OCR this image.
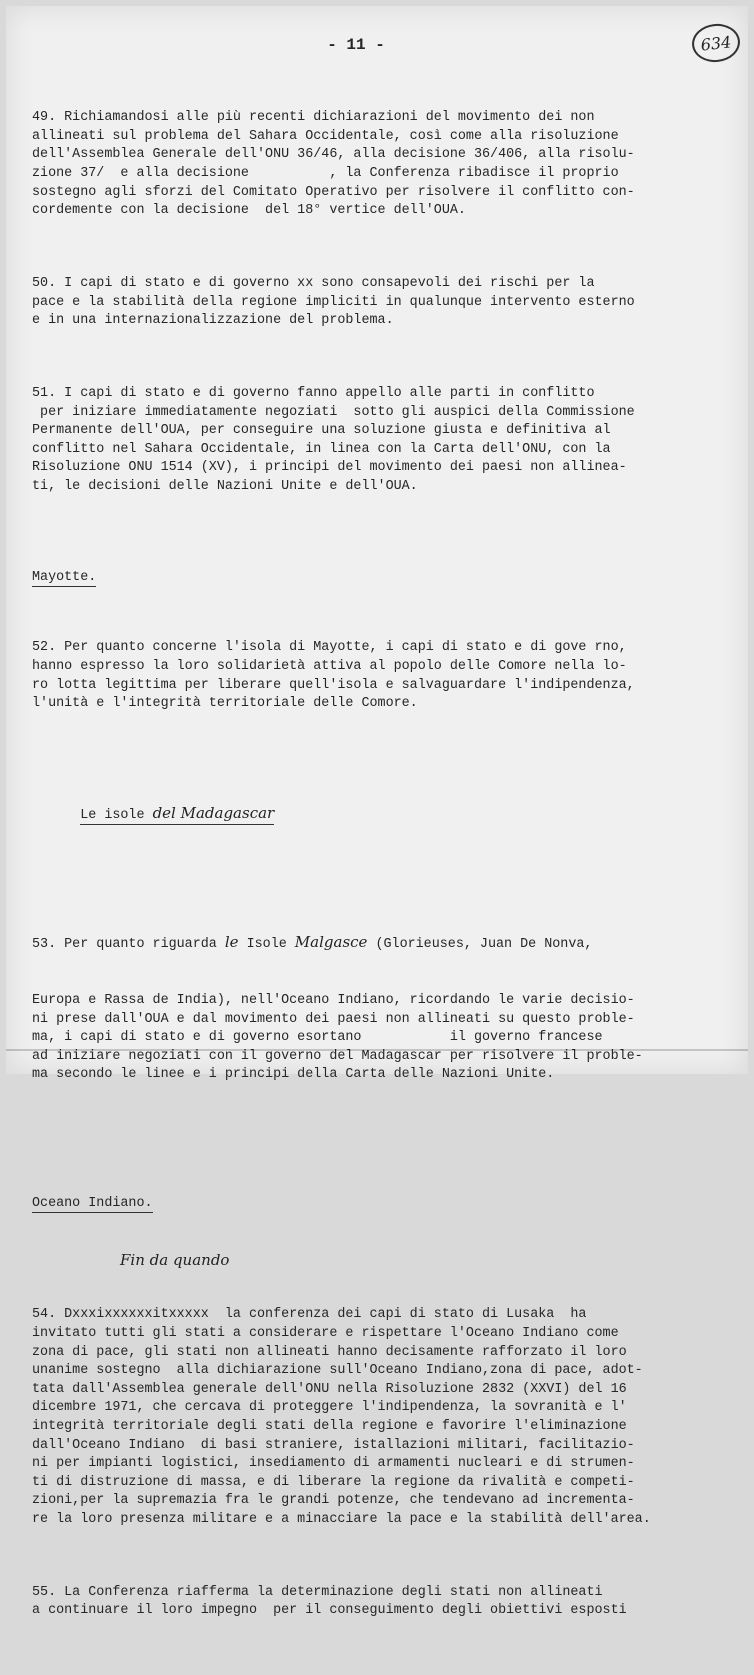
- 11 -	634

49. Richiamandosi alle più recenti dichiarazioni del movimento dei non
allineati sul problema del Sahara Occidentale, così come alla risoluzione
dell'Assemblea Generale dell'ONU 36/46, alla decisione 36/406, alla risolu-
zione 37/  e alla decisione          , la Conferenza ribadisce il proprio
sostegno agli sforzi del Comitato Operativo per risolvere il conflitto con-
cordemente con la decisione  del 18° vertice dell'OUA.

50. I capi di stato e di governo xx sono consapevoli dei rischi per la
pace e la stabilità della regione impliciti in qualunque intervento esterno
e in una internazionalizzazione del problema.

51. I capi di stato e di governo fanno appello alle parti in conflitto
per iniziare immediatamente negoziati  sotto gli auspici della Commissione
Permanente dell'OUA, per conseguire una soluzione giusta e definitiva al
conflitto nel Sahara Occidentale, in linea con la Carta dell'ONU, con la
Risoluzione ONU 1514 (XV), i principi del movimento dei paesi non allinea-
ti, le decisioni delle Nazioni Unite e dell'OUA.

Mayotte.

52. Per quanto concerne l'isola di Mayotte, i capi di stato e di gove rno,
hanno espresso la loro solidarietà attiva al popolo delle Comore nella lo-
ro lotta legittima per liberare quell'isola e salvaguardare l'indipendenza,
l'unità e l'integrità territoriale delle Comore.

Le isole del Madagascar

53. Per quanto riguarda le Isole Malgasce (Glorieuses, Juan De Nonva,

Europa e Rassa de India), nell'Oceano Indiano, ricordando le varie decisio-
ni prese dall'OUA e dal movimento dei paesi non allineati su questo proble-
ma, i capi di stato e di governo esortano           il governo francese
ad iniziare negoziati con il governo del Madagascar per risolvere il proble-
ma secondo le linee e i principi della Carta delle Nazioni Unite.

Oceano Indiano.

Fin da quando

54. Dxxxixxxxxxitxxxxx  la conferenza dei capi di stato di Lusaka  ha
invitato tutti gli stati a considerare e rispettare l'Oceano Indiano come
zona di pace, gli stati non allineati hanno decisamente rafforzato il loro
unanime sostegno  alla dichiarazione sull'Oceano Indiano,zona di pace, adot-
tata dall'Assemblea generale dell'ONU nella Risoluzione 2832 (XXVI) del 16
dicembre 1971, che cercava di proteggere l'indipendenza, la sovranità e l'
integrità territoriale degli stati della regione e favorire l'eliminazione
dall'Oceano Indiano  di basi straniere, istallazioni militari, facilitazio-
ni per impianti logistici, insediamento di armamenti nucleari e di strumen-
ti di distruzione di massa, e di liberare la regione da rivalità e competi-
zioni,per la supremazia fra le grandi potenze, che tendevano ad incrementa-
re la loro presenza militare e a minacciare la pace e la stabilità dell'area.

55. La Conferenza riafferma la determinazione degli stati non allineati
a continuare il loro impegno  per il conseguimento degli obiettivi esposti
